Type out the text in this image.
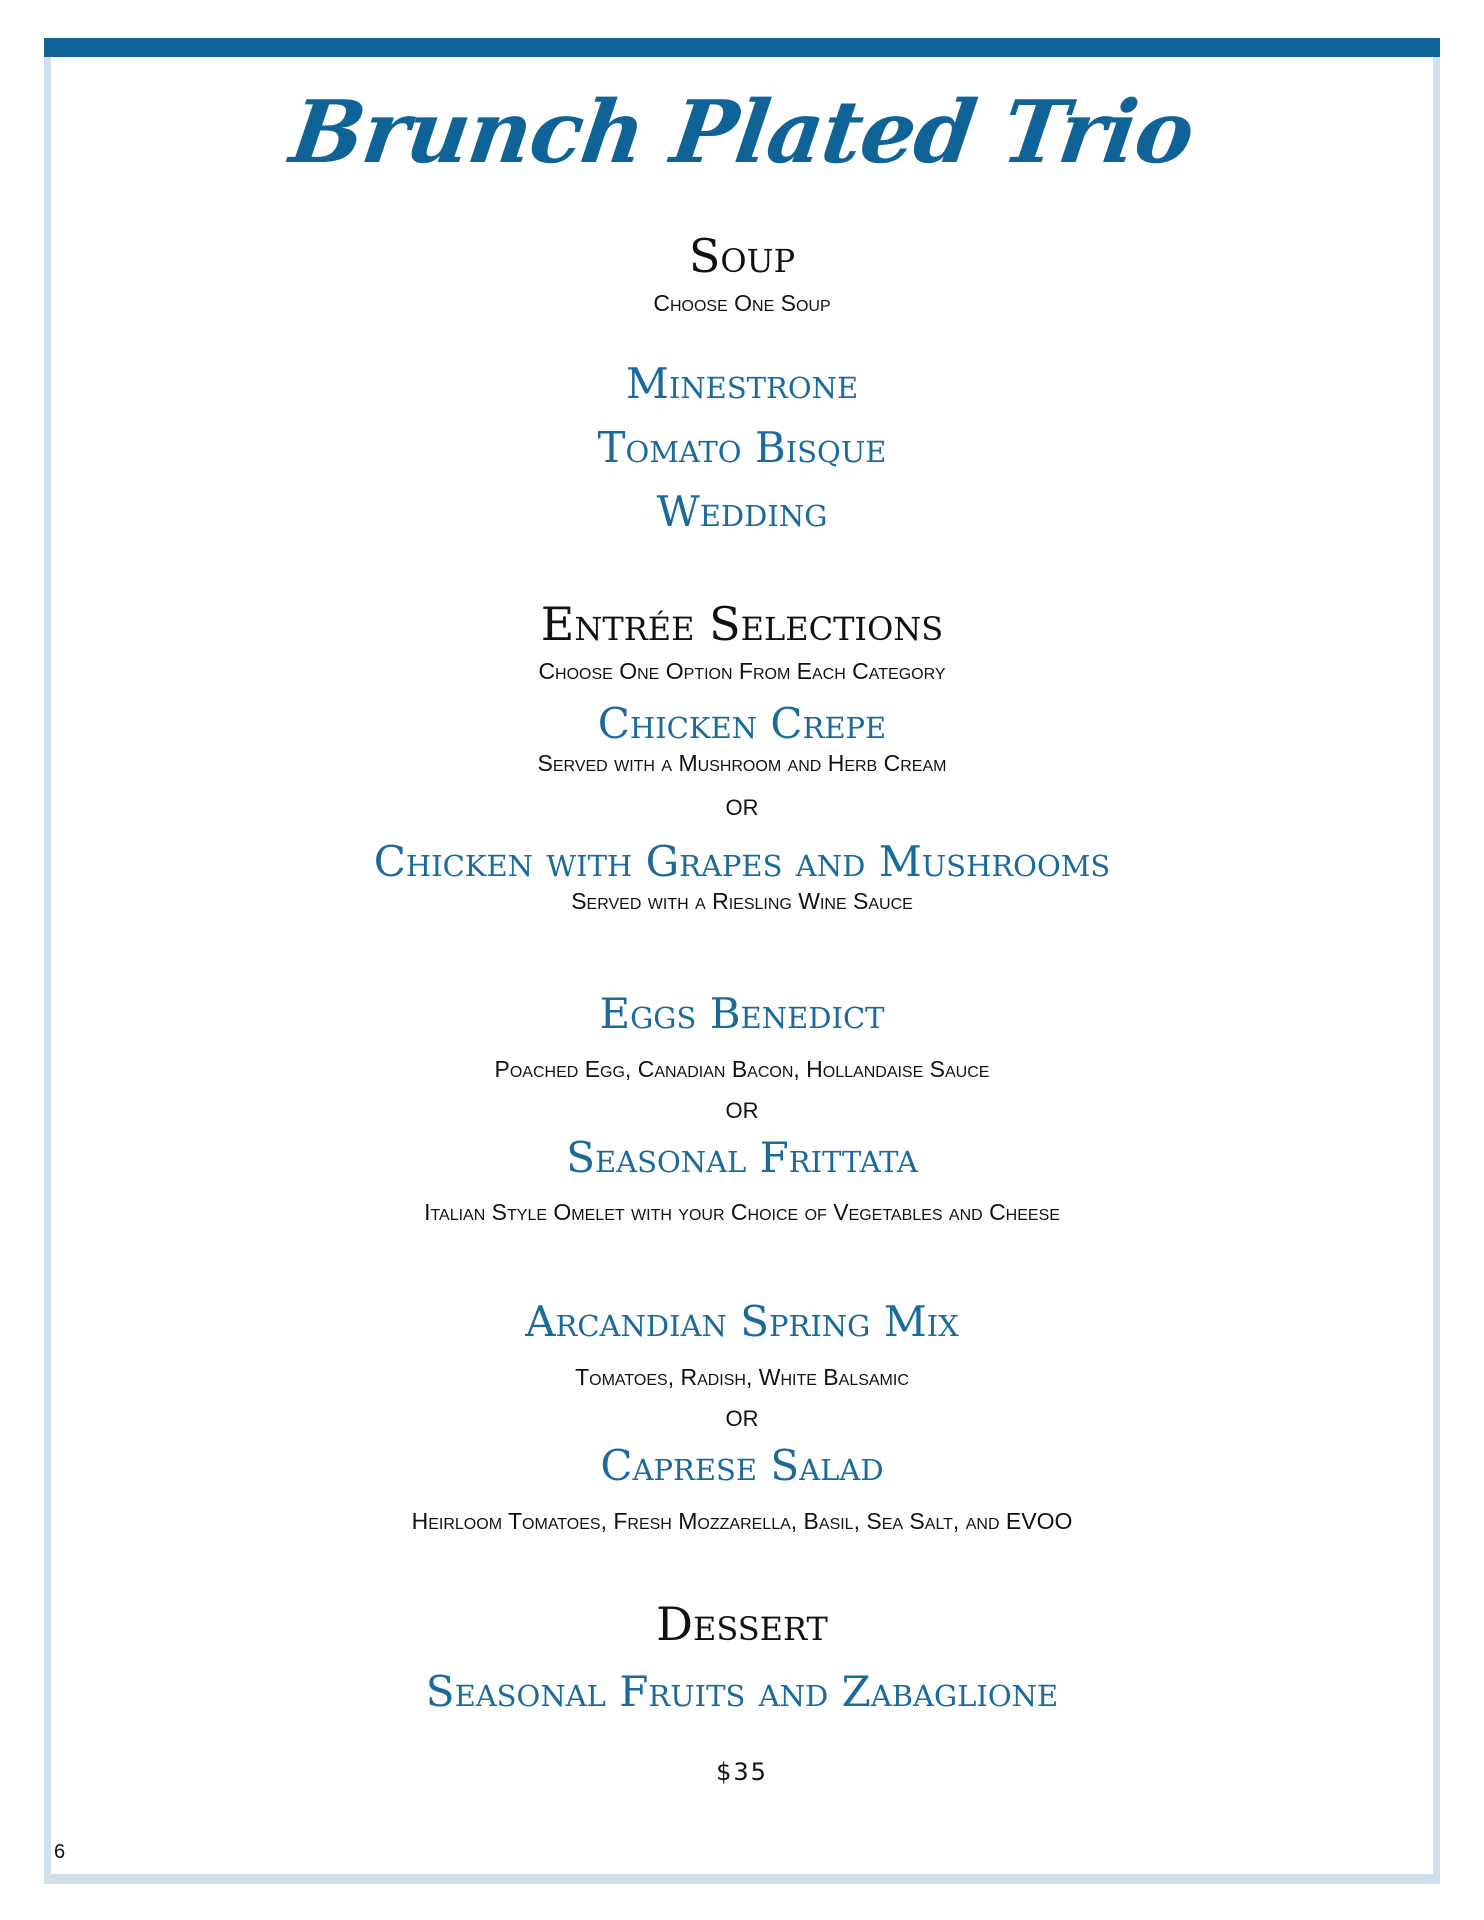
Brunch Plated Trio
Soup
Choose One Soup
Minestrone
Tomato Bisque
Wedding
Entrée Selections
Choose One Option From Each Category
Chicken Crepe
Served with a Mushroom and Herb Cream
OR
Chicken with Grapes and Mushrooms
Served with a Riesling Wine Sauce
Eggs Benedict
Poached Egg, Canadian Bacon, Hollandaise Sauce
OR
Seasonal Frittata
Italian Style Omelet with your Choice of Vegetables and Cheese
Arcandian Spring Mix
Tomatoes, Radish, White Balsamic
OR
Caprese Salad
Heirloom Tomatoes, Fresh Mozzarella, Basil, Sea Salt, and EVOO
Dessert
Seasonal Fruits and Zabaglione
$35
6
